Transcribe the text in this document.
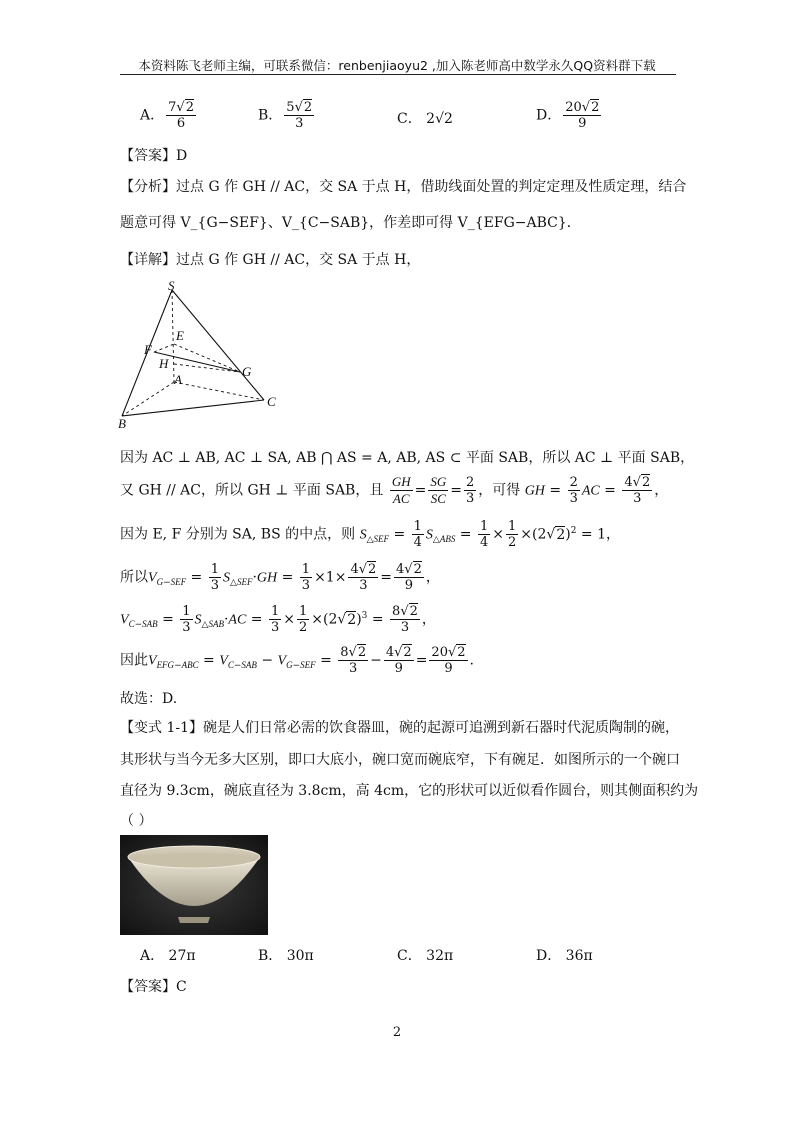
本资料陈飞老师主编，可联系微信：renbenjiaoyu2 ,加入陈老师高中数学永久QQ资料群下载
A． $\frac{7√2}{6}$	B． $\frac{5√2}{3}$	C． 2√2	D． $\frac{20√2}{9}$
【答案】D
【分析】过点 G 作 GH // AC，交 SA 于点 H，借助线面处置的判定定理及性质定理，结合
题意可得 V_{G−SEF}、V_{C−SAB}，作差即可得 V_{EFG−ABC}．
【详解】过点 G 作 GH // AC，交 SA 于点 H，
S
E
F
H
G
A
B
C
因为 AC ⊥ AB, AC ⊥ SA, AB ⋂ AS = A, AB, AS ⊂ 平面 SAB，所以 AC ⊥ 平面 SAB，
又 GH // AC，所以 GH ⊥ 平面 SAB，且 $\frac{GH}{AC} = \frac{SG}{SC} = \frac{2}{3}$ ，可得 GH = $\frac{2}{3}$ AC = $\frac{4√2}{3}$ ，
因为 E, F 分别为 SA, BS 的中点，则 $S_{\triangle SEF} = \frac{1}{4} S_{\triangle ABS} = \frac{1}{4} \times \frac{1}{2} \times(2√2)^2 = 1$，
所以$V_{G-SEF} = \frac{1}{3} S_{\triangle SEF}\cdot GH = \frac{1}{3} \times 1\times \frac{4√2}{3} = \frac{4√2}{9}$ ，
$V_{C-SAB} = \frac{1}{3} S_{\triangle SAB}\cdot AC = \frac{1}{3} \times \frac{1}{2} \times(2√2)^3 = \frac{8√2}{3}$ ，
因此$V_{EFG-ABC} = V_{C-SAB} - V_{G-SEF} = \frac{8√2}{3} - \frac{4√2}{9} = \frac{20√2}{9}$ .
故选：D.
【变式 1-1】碗是人们日常必需的饮食器皿，碗的起源可追溯到新石器时代泥质陶制的碗，
其形状与当今无多大区别，即口大底小，碗口宽而碗底窄，下有碗足．如图所示的一个碗口
直径为 9.3cm，碗底直径为 3.8cm，高 4cm，它的形状可以近似看作圆台，则其侧面积约为
（ ）
A． 27π	B． 30π	C． 32π	D． 36π
【答案】C
2
